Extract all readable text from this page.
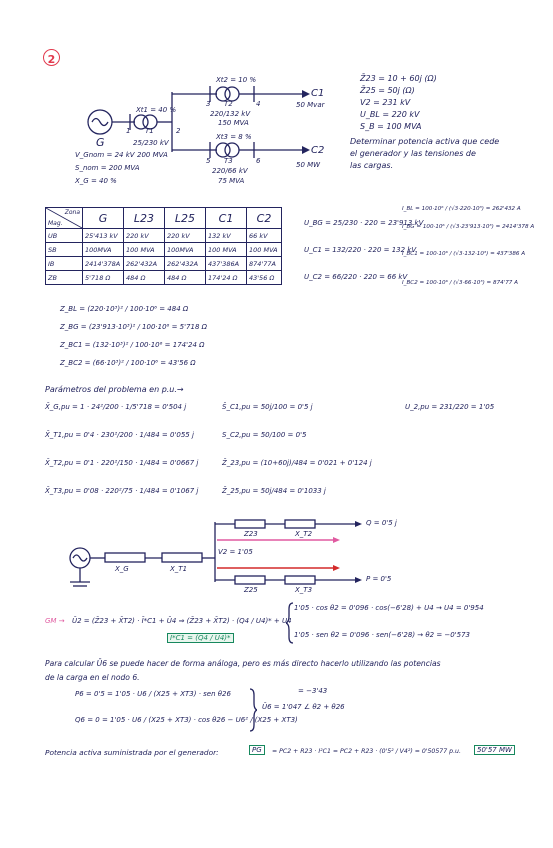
2
G
V_Gnom = 24 kV
S_nom = 200 MVA
X_G = 40 %
1	2
3	4
5	6
Xt1 = 40 %
T1
25/230 kV
200 MVA
Xt2 = 10 %
T2
220/132 kV
150 MVA
Xt3 = 8 %
T3
220/66 kV
75 MVA
C1
50 Mvar
C2
50 MW
Z̄23 = 10 + 60j (Ω)
Z̄25 = 50j (Ω)
V2 = 231 kV
U_BL = 220 kV
S_B = 100 MVA
Determinar potencia activa que cede
el generador y las tensiones de
las cargas.
Zona
Mag.	G	L23	L25	C1	C2
UB	25'413 kV	220 kV	220 kV	132 kV	66 kV
SB	100MVA	100 MVA	100MVA	100 MVA	100 MVA
IB	2414'378A	262'432A	262'432A	437'386A	874'77A
ZB	5'718 Ω	484 Ω	484 Ω	174'24 Ω	43'56 Ω
U_BG = 25/230 · 220 = 23'913 kV
U_C1 = 132/220 · 220 = 132 kV
U_C2 = 66/220 · 220 = 66 kV
I_BL = 100·10⁶ / (√3·220·10³) = 262'432 A
I_BG = 100·10⁶ / (√3·23'913·10³) = 2414'378 A
I_BC1 = 100·10⁶ / (√3·132·10³) = 437'386 A
I_BC2 = 100·10⁶ / (√3·66·10³) = 874'77 A
Z_BL = (220·10³)² / 100·10⁶ = 484 Ω
Z_BG = (23'913·10³)² / 100·10⁶ = 5'718 Ω
Z_BC1 = (132·10³)² / 100·10⁶ = 174'24 Ω
Z_BC2 = (66·10³)² / 100·10⁶ = 43'56 Ω
Parámetros del problema en p.u.→
X̄_G,pu = 1 · 24²/200 · 1/5'718 = 0'504 j
X̄_T1,pu = 0'4 · 230²/200 · 1/484 = 0'055 j
X̄_T2,pu = 0'1 · 220²/150 · 1/484 = 0'0667 j
X̄_T3,pu = 0'08 · 220²/75 · 1/484 = 0'1067 j
S̄_C1,pu = 50j/100 = 0'5 j
S_C2,pu = 50/100 = 0'5
Z̄_23,pu = (10+60j)/484 = 0'021 + 0'124 j
Z̄_25,pu = 50j/484 = 0'1033 j
U_2,pu = 231/220 = 1'05
X_G	X_T1
V2 = 1'05
Z23	X_T2
Z25	X_T3
Q = 0'5 j
P = 0'5
GM → Ū2 = (Z̄23 + X̄T2) · Ī*C1 + Ū4 ⇒ (Z̄23 + X̄T2) · (Q4 / U4)* + U4
Ī*C1 = (Q4 / U4)*
1'05 · cos θ2 = 0'096 · cos(−6'28) + U4 → U4 = 0'954
1'05 · sen θ2 = 0'096 · sen(−6'28) → θ2 = −0'573
Para calcular Ū6 se puede hacer de forma análoga, pero es más directo hacerlo utilizando las potencias
de la carga en el nodo 6.
P6 = 0'5 = 1'05 · U6 / (X25 + XT3) · sen θ26
Q6 = 0 = 1'05 · U6 / (X25 + XT3) · cos θ26 − U6² / (X25 + XT3)
= −3'43
Ū6 = 1'047 ∠ θ2 + θ26
Potencia activa suministrada por el generador:	PG	= PC2 + R23 · I²C1 = PC2 + R23 · (0'5² / V4²) = 0'50577 p.u.	50'57 MW
